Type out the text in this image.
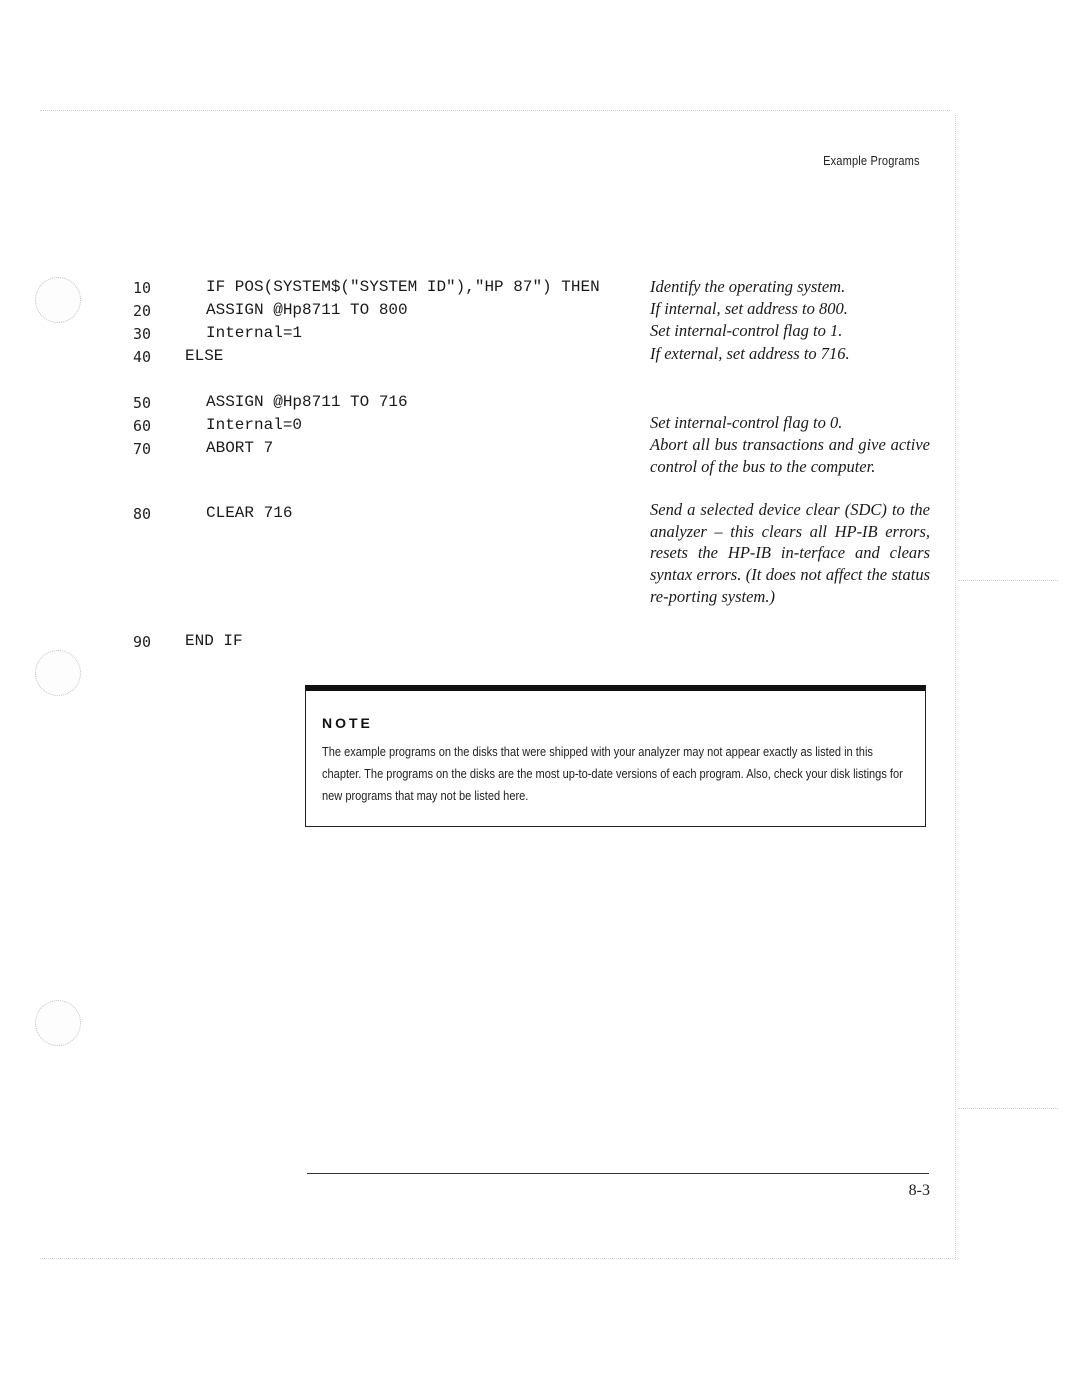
Example Programs
10
20
30
40
50
60
70
80
90
IF POS(SYSTEM$("SYSTEM ID"),"HP 87") THEN
ASSIGN @Hp8711 TO 800
Internal=1
ELSE
ASSIGN @Hp8711 TO 716
Internal=0
ABORT 7
CLEAR 716
END IF
Identify the operating system.
If internal, set address to 800.
Set internal-control flag to 1.
If external, set address to 716.
Set internal-control flag to 0.
Abort all bus transactions and give active control of the bus to the computer.
Send a selected device clear (SDC) to the analyzer – this clears all HP-IB errors, resets the HP-IB in-terface and clears syntax errors. (It does not affect the status re-porting system.)
NOTE
The example programs on the disks that were shipped with your analyzer may not appear exactly as listed in this chapter. The programs on the disks are the most up-to-date versions of each program. Also, check your disk listings for new programs that may not be listed here.
8-3
